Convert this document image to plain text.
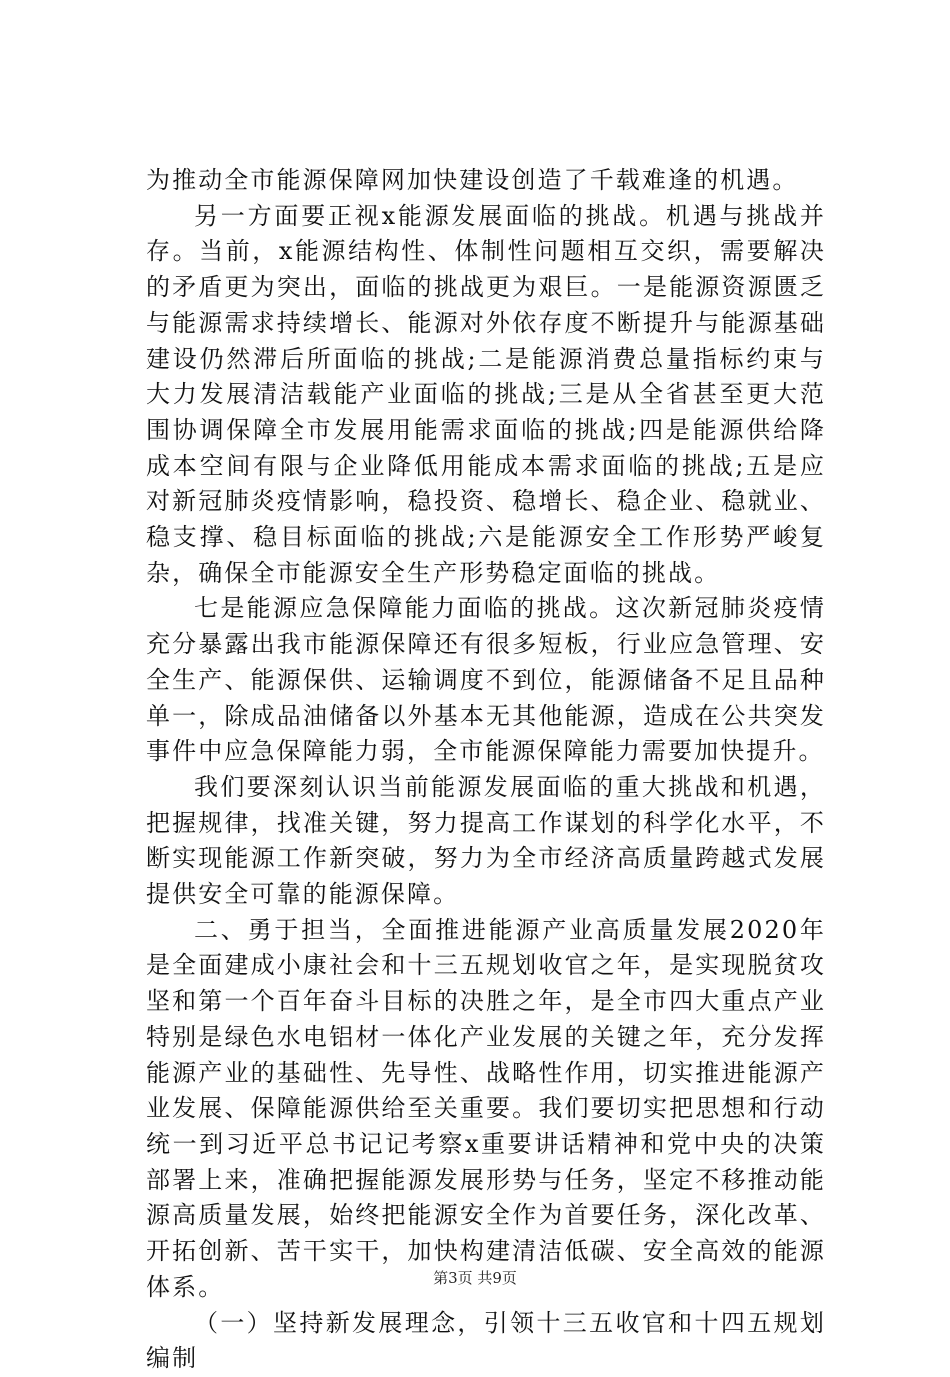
为推动全市能源保障网加快建设创造了千载难逢的机遇。

另一方面要正视x能源发展面临的挑战。机遇与挑战并存。当前，x能源结构性、体制性问题相互交织，需要解决的矛盾更为突出，面临的挑战更为艰巨。一是能源资源匮乏与能源需求持续增长、能源对外依存度不断提升与能源基础建设仍然滞后所面临的挑战;二是能源消费总量指标约束与大力发展清洁载能产业面临的挑战;三是从全省甚至更大范围协调保障全市发展用能需求面临的挑战;四是能源供给降成本空间有限与企业降低用能成本需求面临的挑战;五是应对新冠肺炎疫情影响，稳投资、稳增长、稳企业、稳就业、稳支撑、稳目标面临的挑战;六是能源安全工作形势严峻复杂，确保全市能源安全生产形势稳定面临的挑战。

七是能源应急保障能力面临的挑战。这次新冠肺炎疫情充分暴露出我市能源保障还有很多短板，行业应急管理、安全生产、能源保供、运输调度不到位，能源储备不足且品种单一，除成品油储备以外基本无其他能源，造成在公共突发事件中应急保障能力弱，全市能源保障能力需要加快提升。

我们要深刻认识当前能源发展面临的重大挑战和机遇，把握规律，找准关键，努力提高工作谋划的科学化水平，不断实现能源工作新突破，努力为全市经济高质量跨越式发展提供安全可靠的能源保障。

二、勇于担当，全面推进能源产业高质量发展2020年是全面建成小康社会和十三五规划收官之年，是实现脱贫攻坚和第一个百年奋斗目标的决胜之年，是全市四大重点产业特别是绿色水电铝材一体化产业发展的关键之年，充分发挥能源产业的基础性、先导性、战略性作用，切实推进能源产业发展、保障能源供给至关重要。我们要切实把思想和行动统一到习近平总书记记考察x重要讲话精神和党中央的决策部署上来，准确把握能源发展形势与任务，坚定不移推动能源高质量发展，始终把能源安全作为首要任务，深化改革、开拓创新、苦干实干，加快构建清洁低碳、安全高效的能源体系。

（一）坚持新发展理念，引领十三五收官和十四五规划编制

第3页 共9页
